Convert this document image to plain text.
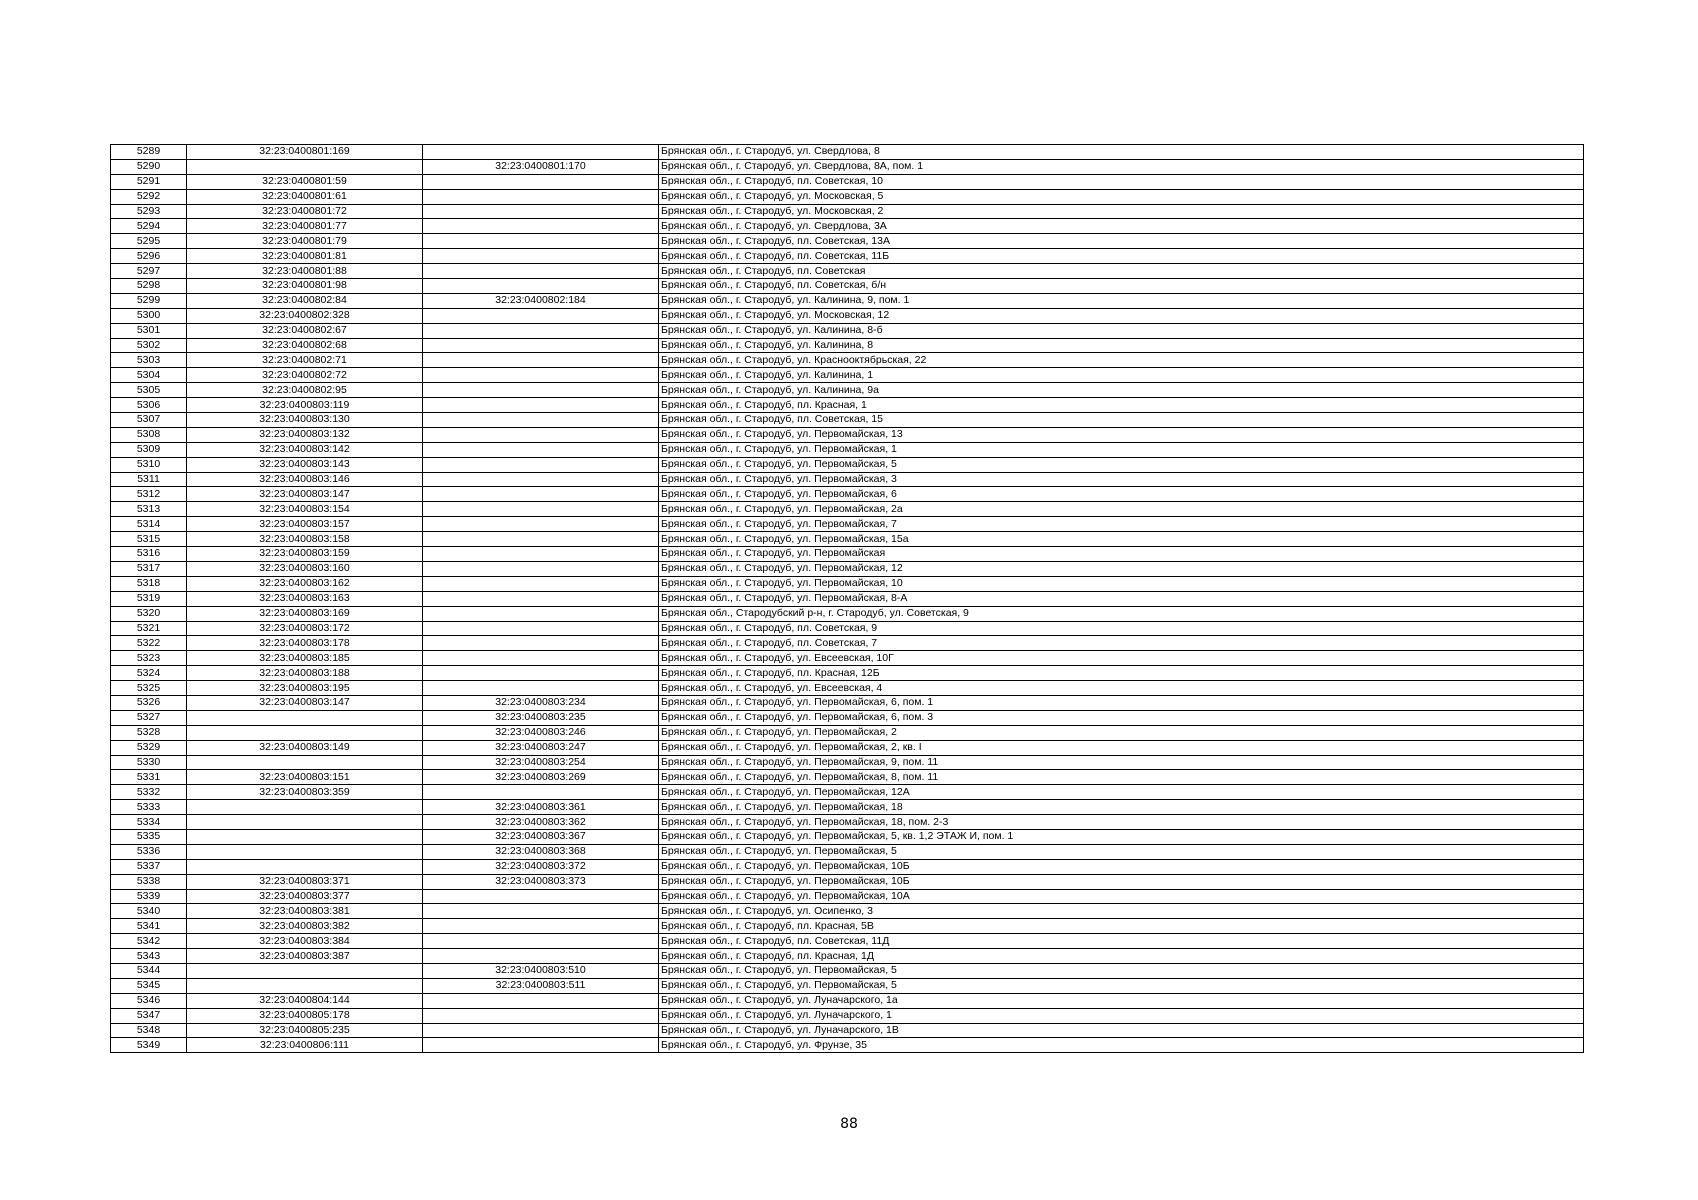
5289	32:23:0400801:169		Брянская обл., г. Стародуб, ул. Свердлова, 8
5290		32:23:0400801:170	Брянская обл., г. Стародуб, ул. Свердлова, 8А, пом. 1
5291	32:23:0400801:59		Брянская обл., г. Стародуб, пл. Советская, 10
5292	32:23:0400801:61		Брянская обл., г. Стародуб, ул. Московская, 5
5293	32:23:0400801:72		Брянская обл., г. Стародуб, ул. Московская, 2
5294	32:23:0400801:77		Брянская обл., г. Стародуб, ул. Свердлова, 3А
5295	32:23:0400801:79		Брянская обл., г. Стародуб, пл. Советская, 13А
5296	32:23:0400801:81		Брянская обл., г. Стародуб, пл. Советская, 11Б
5297	32:23:0400801:88		Брянская обл., г. Стародуб, пл. Советская
5298	32:23:0400801:98		Брянская обл., г. Стародуб, пл. Советская, б/н
5299	32:23:0400802:84	32:23:0400802:184	Брянская обл., г. Стародуб, ул. Калинина, 9, пом. 1
5300	32:23:0400802:328		Брянская обл., г. Стародуб, ул. Московская, 12
5301	32:23:0400802:67		Брянская обл., г. Стародуб, ул. Калинина, 8-б
5302	32:23:0400802:68		Брянская обл., г. Стародуб, ул. Калинина, 8
5303	32:23:0400802:71		Брянская обл., г. Стародуб, ул. Краснооктябрьская, 22
5304	32:23:0400802:72		Брянская обл., г. Стародуб, ул. Калинина, 1
5305	32:23:0400802:95		Брянская обл., г. Стародуб, ул. Калинина, 9а
5306	32:23:0400803:119		Брянская обл., г. Стародуб, пл. Красная, 1
5307	32:23:0400803:130		Брянская обл., г. Стародуб, пл. Советская, 15
5308	32:23:0400803:132		Брянская обл., г. Стародуб, ул. Первомайская, 13
5309	32:23:0400803:142		Брянская обл., г. Стародуб, ул. Первомайская, 1
5310	32:23:0400803:143		Брянская обл., г. Стародуб, ул. Первомайская, 5
5311	32:23:0400803:146		Брянская обл., г. Стародуб, ул. Первомайская, 3
5312	32:23:0400803:147		Брянская обл., г. Стародуб, ул. Первомайская, 6
5313	32:23:0400803:154		Брянская обл., г. Стародуб, ул. Первомайская, 2а
5314	32:23:0400803:157		Брянская обл., г. Стародуб, ул. Первомайская, 7
5315	32:23:0400803:158		Брянская обл., г. Стародуб, ул. Первомайская, 15а
5316	32:23:0400803:159		Брянская обл., г. Стародуб, ул. Первомайская
5317	32:23:0400803:160		Брянская обл., г. Стародуб, ул. Первомайская, 12
5318	32:23:0400803:162		Брянская обл., г. Стародуб, ул. Первомайская, 10
5319	32:23:0400803:163		Брянская обл., г. Стародуб, ул. Первомайская, 8-А
5320	32:23:0400803:169		Брянская обл., Стародубский р-н, г. Стародуб, ул. Советская, 9
5321	32:23:0400803:172		Брянская обл., г. Стародуб, пл. Советская, 9
5322	32:23:0400803:178		Брянская обл., г. Стародуб, пл. Советская, 7
5323	32:23:0400803:185		Брянская обл., г. Стародуб, ул. Евсеевская, 10Г
5324	32:23:0400803:188		Брянская обл., г. Стародуб, пл. Красная, 12Б
5325	32:23:0400803:195		Брянская обл., г. Стародуб, ул. Евсеевская, 4
5326	32:23:0400803:147	32:23:0400803:234	Брянская обл., г. Стародуб, ул. Первомайская, 6, пом. 1
5327		32:23:0400803:235	Брянская обл., г. Стародуб, ул. Первомайская, 6, пом. 3
5328		32:23:0400803:246	Брянская обл., г. Стародуб, ул. Первомайская, 2
5329	32:23:0400803:149	32:23:0400803:247	Брянская обл., г. Стародуб, ул. Первомайская, 2, кв. I
5330		32:23:0400803:254	Брянская обл., г. Стародуб, ул. Первомайская, 9, пом. 11
5331	32:23:0400803:151	32:23:0400803:269	Брянская обл., г. Стародуб, ул. Первомайская, 8, пом. 11
5332	32:23:0400803:359		Брянская обл., г. Стародуб, ул. Первомайская, 12А
5333		32:23:0400803:361	Брянская обл., г. Стародуб, ул. Первомайская, 18
5334		32:23:0400803:362	Брянская обл., г. Стародуб, ул. Первомайская, 18, пом. 2-3
5335		32:23:0400803:367	Брянская обл., г. Стародуб, ул. Первомайская, 5, кв. 1,2 ЭТАЖ И, пом. 1
5336		32:23:0400803:368	Брянская обл., г. Стародуб, ул. Первомайская, 5
5337		32:23:0400803:372	Брянская обл., г. Стародуб, ул. Первомайская, 10Б
5338	32:23:0400803:371	32:23:0400803:373	Брянская обл., г. Стародуб, ул. Первомайская, 10Б
5339	32:23:0400803:377		Брянская обл., г. Стародуб, ул. Первомайская, 10А
5340	32:23:0400803:381		Брянская обл., г. Стародуб, ул. Осипенко, 3
5341	32:23:0400803:382		Брянская обл., г. Стародуб, пл. Красная, 5В
5342	32:23:0400803:384		Брянская обл., г. Стародуб, пл. Советская, 11Д
5343	32:23:0400803:387		Брянская обл., г. Стародуб, пл. Красная, 1Д
5344		32:23:0400803:510	Брянская обл., г. Стародуб, ул. Первомайская, 5
5345		32:23:0400803:511	Брянская обл., г. Стародуб, ул. Первомайская, 5
5346	32:23:0400804:144		Брянская обл., г. Стародуб, ул. Луначарского, 1а
5347	32:23:0400805:178		Брянская обл., г. Стародуб, ул. Луначарского, 1
5348	32:23:0400805:235		Брянская обл., г. Стародуб, ул. Луначарского, 1В
5349	32:23:0400806:111		Брянская обл., г. Стародуб, ул. Фрунзе, 35
88
